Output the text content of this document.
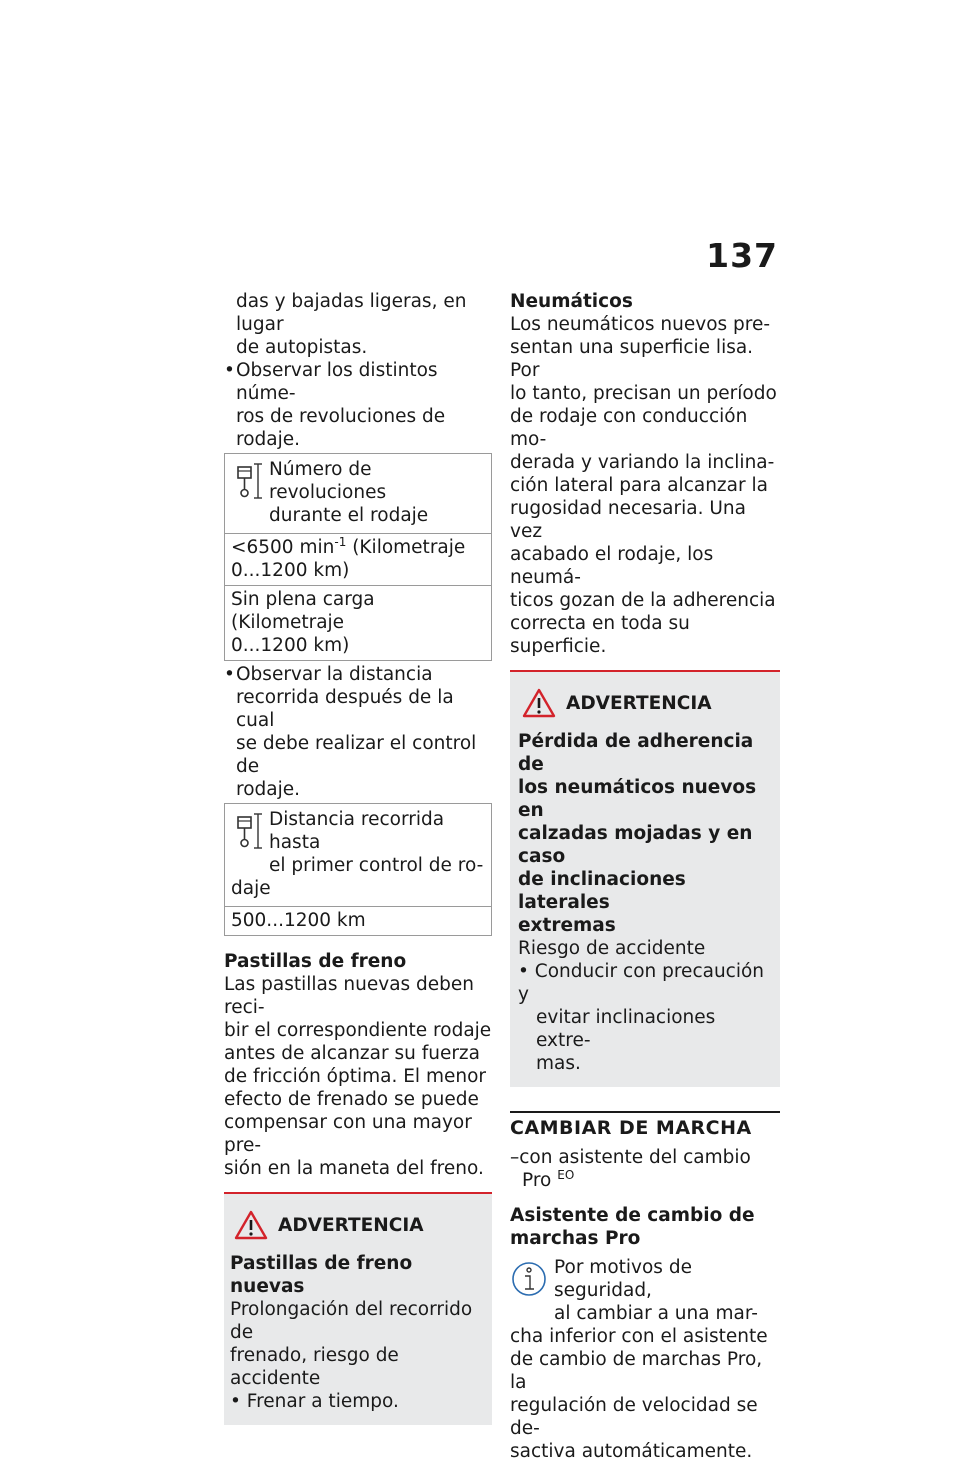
137
das y bajadas ligeras, en lugar
de autopistas.
• Observar los distintos núme-
ros de revoluciones de rodaje.
Número de revoluciones
durante el rodaje
<6500 $\min^{-1}$ (Kilometraje
0...1200 km)
Sin plena carga (Kilometraje
0...1200 km)
• Observar la distancia
recorrida después de la cual
se debe realizar el control de
rodaje.
Distancia recorrida hasta
el primer control de ro-
daje
500...1200 km
Pastillas de freno
Las pastillas nuevas deben reci-
bir el correspondiente rodaje
antes de alcanzar su fuerza
de fricción óptima. El menor
efecto de frenado se puede
compensar con una mayor pre-
sión en la maneta del freno.
ADVERTENCIA
Pastillas de freno nuevas
Prolongación del recorrido de
frenado, riesgo de accidente
• Frenar a tiempo.
Neumáticos
Los neumáticos nuevos pre-
sentan una superficie lisa. Por
lo tanto, precisan un período
de rodaje con conducción mo-
derada y variando la inclina-
ción lateral para alcanzar la
rugosidad necesaria. Una vez
acabado el rodaje, los neumá-
ticos gozan de la adherencia
correcta en toda su superficie.
ADVERTENCIA
Pérdida de adherencia de
los neumáticos nuevos en
calzadas mojadas y en caso
de inclinaciones laterales
extremas
Riesgo de accidente
• Conducir con precaución y
evitar inclinaciones extre-
mas.
CAMBIAR DE MARCHA
–con asistente del cambio
Pro $^{EO}$
Asistente de cambio de
marchas Pro
Por motivos de seguridad,
al cambiar a una mar-
cha inferior con el asistente
de cambio de marchas Pro, la
regulación de velocidad se de-
sactiva automáticamente.
